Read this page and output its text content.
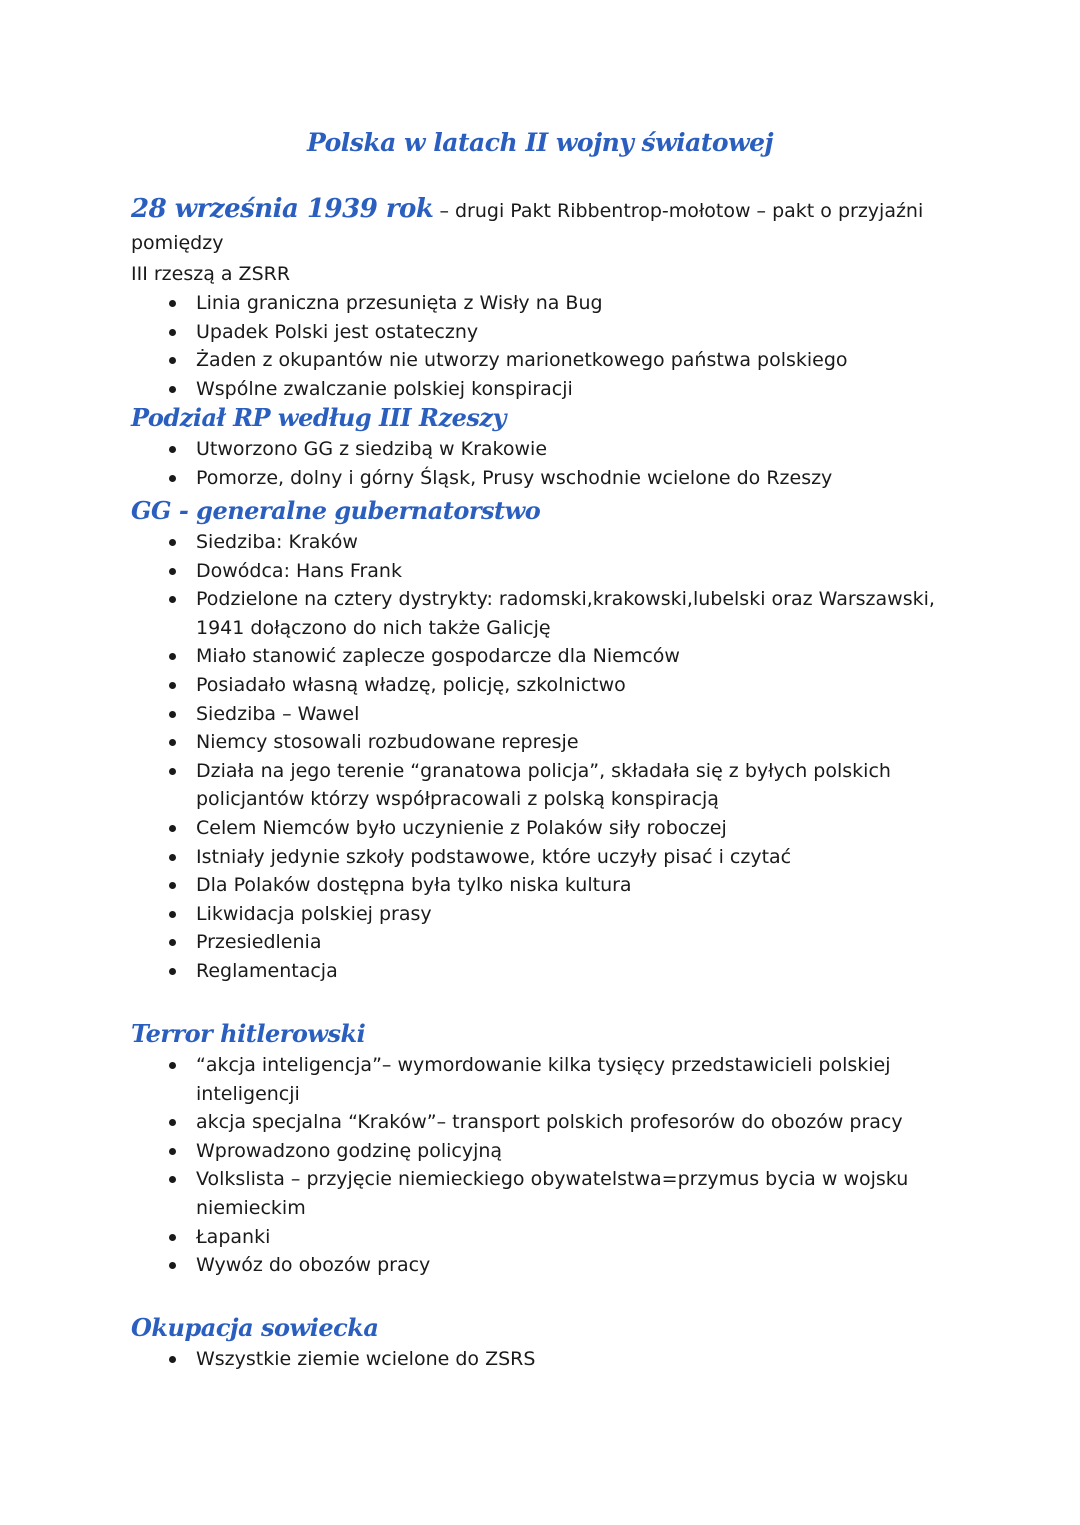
Polska w latach II wojny światowej

28 września 1939 rok – drugi Pakt Ribbentrop-mołotow – pakt o przyjaźni pomiędzy

III rzeszą a ZSRR

Linia graniczna przesunięta z Wisły na Bug
Upadek Polski jest ostateczny
Żaden z okupantów nie utworzy marionetkowego państwa polskiego
Wspólne zwalczanie polskiej konspiracji
Podział RP według III Rzeszy
Utworzono GG z siedzibą w Krakowie
Pomorze, dolny i górny Śląsk, Prusy wschodnie wcielone do Rzeszy
GG - generalne gubernatorstwo
Siedziba: Kraków
Dowódca: Hans Frank
Podzielone na cztery dystrykty: radomski,krakowski,lubelski oraz Warszawski,
1941 dołączono do nich także Galicję
Miało stanowić zaplecze gospodarcze dla Niemców
Posiadało własną władzę, policję, szkolnictwo
Siedziba – Wawel
Niemcy stosowali rozbudowane represje
Działa na jego terenie “granatowa policja”, składała się z byłych polskich
policjantów którzy współpracowali z polską konspiracją
Celem Niemców było uczynienie z Polaków siły roboczej
Istniały jedynie szkoły podstawowe, które uczyły pisać i czytać
Dla Polaków dostępna była tylko niska kultura
Likwidacja polskiej prasy
Przesiedlenia
Reglamentacja
Terror hitlerowski
“akcja inteligencja”– wymordowanie kilka tysięcy przedstawicieli polskiej
inteligencji
akcja specjalna “Kraków”– transport polskich profesorów do obozów pracy
Wprowadzono godzinę policyjną
Volkslista – przyjęcie niemieckiego obywatelstwa=przymus bycia w wojsku
niemieckim
Łapanki
Wywóz do obozów pracy
Okupacja sowiecka
Wszystkie ziemie wcielone do ZSRS
